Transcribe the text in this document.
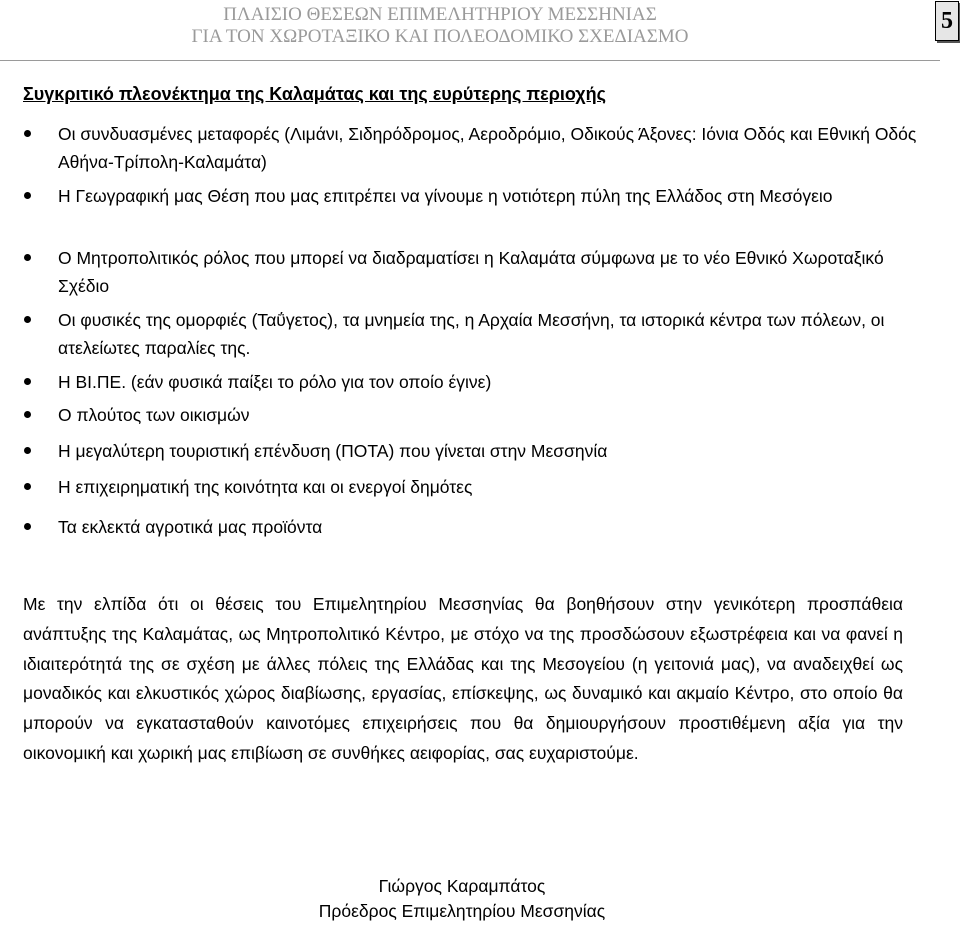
ΠΛΑΙΣΙΟ ΘΕΣΕΩΝ ΕΠΙΜΕΛΗΤΗΡΙΟΥ ΜΕΣΣΗΝΙΑΣ
ΓΙΑ ΤΟΝ ΧΩΡΟΤΑΞΙΚΟ ΚΑΙ ΠΟΛΕΟΔΟΜΙΚΟ ΣΧΕΔΙΑΣΜΟ
5
Συγκριτικό πλεονέκτημα της Καλαμάτας και της ευρύτερης περιοχής
Οι συνδυασμένες μεταφορές (Λιμάνι, Σιδηρόδρομος, Αεροδρόμιο, Οδικούς Άξονες: Ιόνια Οδός και Εθνική Οδός Αθήνα-Τρίπολη-Καλαμάτα)
Η Γεωγραφική μας Θέση που μας επιτρέπει να γίνουμε η νοτιότερη πύλη της Ελλάδος στη Μεσόγειο
Ο Μητροπολιτικός ρόλος που μπορεί να διαδραματίσει η Καλαμάτα σύμφωνα με το νέο Εθνικό Χωροταξικό Σχέδιο
Οι φυσικές της ομορφιές (Ταΰγετος), τα μνημεία της, η Αρχαία Μεσσήνη, τα ιστορικά κέντρα των πόλεων, οι ατελείωτες παραλίες της.
Η ΒΙ.ΠΕ. (εάν φυσικά παίξει το ρόλο για τον οποίο έγινε)
Ο πλούτος των οικισμών
Η μεγαλύτερη τουριστική επένδυση (ΠΟΤΑ) που γίνεται στην Μεσσηνία
Η επιχειρηματική της κοινότητα και οι ενεργοί δημότες
Τα εκλεκτά αγροτικά μας προϊόντα

Με την ελπίδα ότι οι θέσεις του Επιμελητηρίου Μεσσηνίας θα βοηθήσουν στην γενικότερη προσπάθεια ανάπτυξης της Καλαμάτας, ως Μητροπολιτικό Κέντρο, με στόχο να της προσδώσουν εξωστρέφεια και να φανεί η ιδιαιτερότητά της σε σχέση με άλλες πόλεις της Ελλάδας και της Μεσογείου (η γειτονιά μας), να αναδειχθεί ως μοναδικός και ελκυστικός χώρος διαβίωσης, εργασίας, επίσκεψης, ως δυναμικό και ακμαίο Κέντρο, στο οποίο θα μπορούν να εγκατασταθούν καινοτόμες επιχειρήσεις που θα δημιουργήσουν προστιθέμενη αξία για την οικονομική και χωρική μας επιβίωση σε συνθήκες αειφορίας, σας ευχαριστούμε.

Γιώργος Καραμπάτος
Πρόεδρος Επιμελητηρίου Μεσσηνίας
